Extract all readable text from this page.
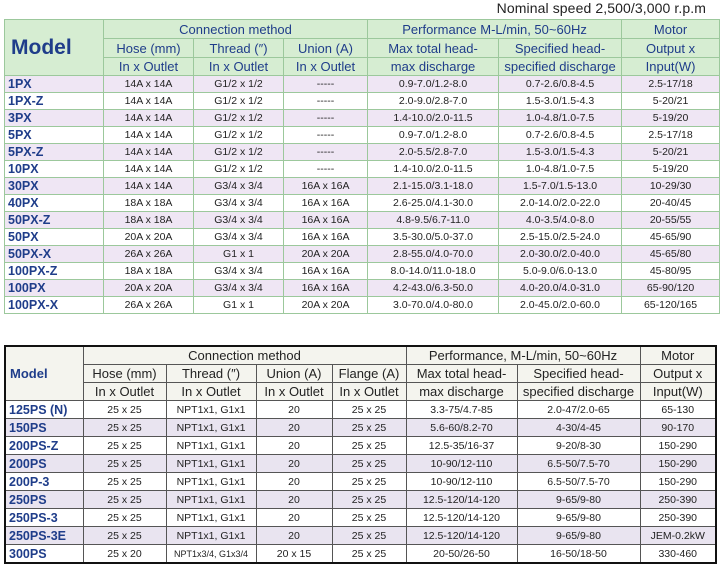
Nominal speed 2,500/3,000 r.p.m
Model	Connection method			Performance M-L/min, 50~60Hz		Motor
	Hose (mm)	Thread (″)	Union (A)	Max total head-	Specified head-	Output x
	In x Outlet	In x Outlet	In x Outlet	max discharge	specified discharge	Input(W)
1PX	14A x 14A	G1/2 x 1/2	-----	0.9-7.0/1.2-8.0	0.7-2.6/0.8-4.5	2.5-17/18
1PX-Z	14A x 14A	G1/2 x 1/2	-----	2.0-9.0/2.8-7.0	1.5-3.0/1.5-4.3	5-20/21
3PX	14A x 14A	G1/2 x 1/2	-----	1.4-10.0/2.0-11.5	1.0-4.8/1.0-7.5	5-19/20
5PX	14A x 14A	G1/2 x 1/2	-----	0.9-7.0/1.2-8.0	0.7-2.6/0.8-4.5	2.5-17/18
5PX-Z	14A x 14A	G1/2 x 1/2	-----	2.0-5.5/2.8-7.0	1.5-3.0/1.5-4.3	5-20/21
10PX	14A x 14A	G1/2 x 1/2	-----	1.4-10.0/2.0-11.5	1.0-4.8/1.0-7.5	5-19/20
30PX	14A x 14A	G3/4 x 3/4	16A x 16A	2.1-15.0/3.1-18.0	1.5-7.0/1.5-13.0	10-29/30
40PX	18A x 18A	G3/4 x 3/4	16A x 16A	2.6-25.0/4.1-30.0	2.0-14.0/2.0-22.0	20-40/45
50PX-Z	18A x 18A	G3/4 x 3/4	16A x 16A	4.8-9.5/6.7-11.0	4.0-3.5/4.0-8.0	20-55/55
50PX	20A x 20A	G3/4 x 3/4	16A x 16A	3.5-30.0/5.0-37.0	2.5-15.0/2.5-24.0	45-65/90
50PX-X	26A x 26A	G1 x 1	20A x 20A	2.8-55.0/4.0-70.0	2.0-30.0/2.0-40.0	45-65/80
100PX-Z	18A x 18A	G3/4 x 3/4	16A x 16A	8.0-14.0/11.0-18.0	5.0-9.0/6.0-13.0	45-80/95
100PX	20A x 20A	G3/4 x 3/4	16A x 16A	4.2-43.0/6.3-50.0	4.0-20.0/4.0-31.0	65-90/120
100PX-X	26A x 26A	G1 x 1	20A x 20A	3.0-70.0/4.0-80.0	2.0-45.0/2.0-60.0	65-120/165
Model	Connection method				Performance, M-L/min, 50~60Hz		Motor
	Hose (mm)	Thread (″)	Union (A)	Flange (A)	Max total head-	Specified head-	Output x
	In x Outlet	In x Outlet	In x Outlet	In x Outlet	max discharge	specified discharge	Input(W)
125PS (N)	25 x 25	NPT1x1, G1x1	20	25 x 25	3.3-75/4.7-85	2.0-47/2.0-65	65-130
150PS	25 x 25	NPT1x1, G1x1	20	25 x 25	5.6-60/8.2-70	4-30/4-45	90-170
200PS-Z	25 x 25	NPT1x1, G1x1	20	25 x 25	12.5-35/16-37	9-20/8-30	150-290
200PS	25 x 25	NPT1x1, G1x1	20	25 x 25	10-90/12-110	6.5-50/7.5-70	150-290
200P-3	25 x 25	NPT1x1, G1x1	20	25 x 25	10-90/12-110	6.5-50/7.5-70	150-290
250PS	25 x 25	NPT1x1, G1x1	20	25 x 25	12.5-120/14-120	9-65/9-80	250-390
250PS-3	25 x 25	NPT1x1, G1x1	20	25 x 25	12.5-120/14-120	9-65/9-80	250-390
250PS-3E	25 x 25	NPT1x1, G1x1	20	25 x 25	12.5-120/14-120	9-65/9-80	JEM-0.2kW
300PS	25 x 20	NPT1x3/4, G1x3/4	20 x 15	25 x 25	20-50/26-50	16-50/18-50	330-460
